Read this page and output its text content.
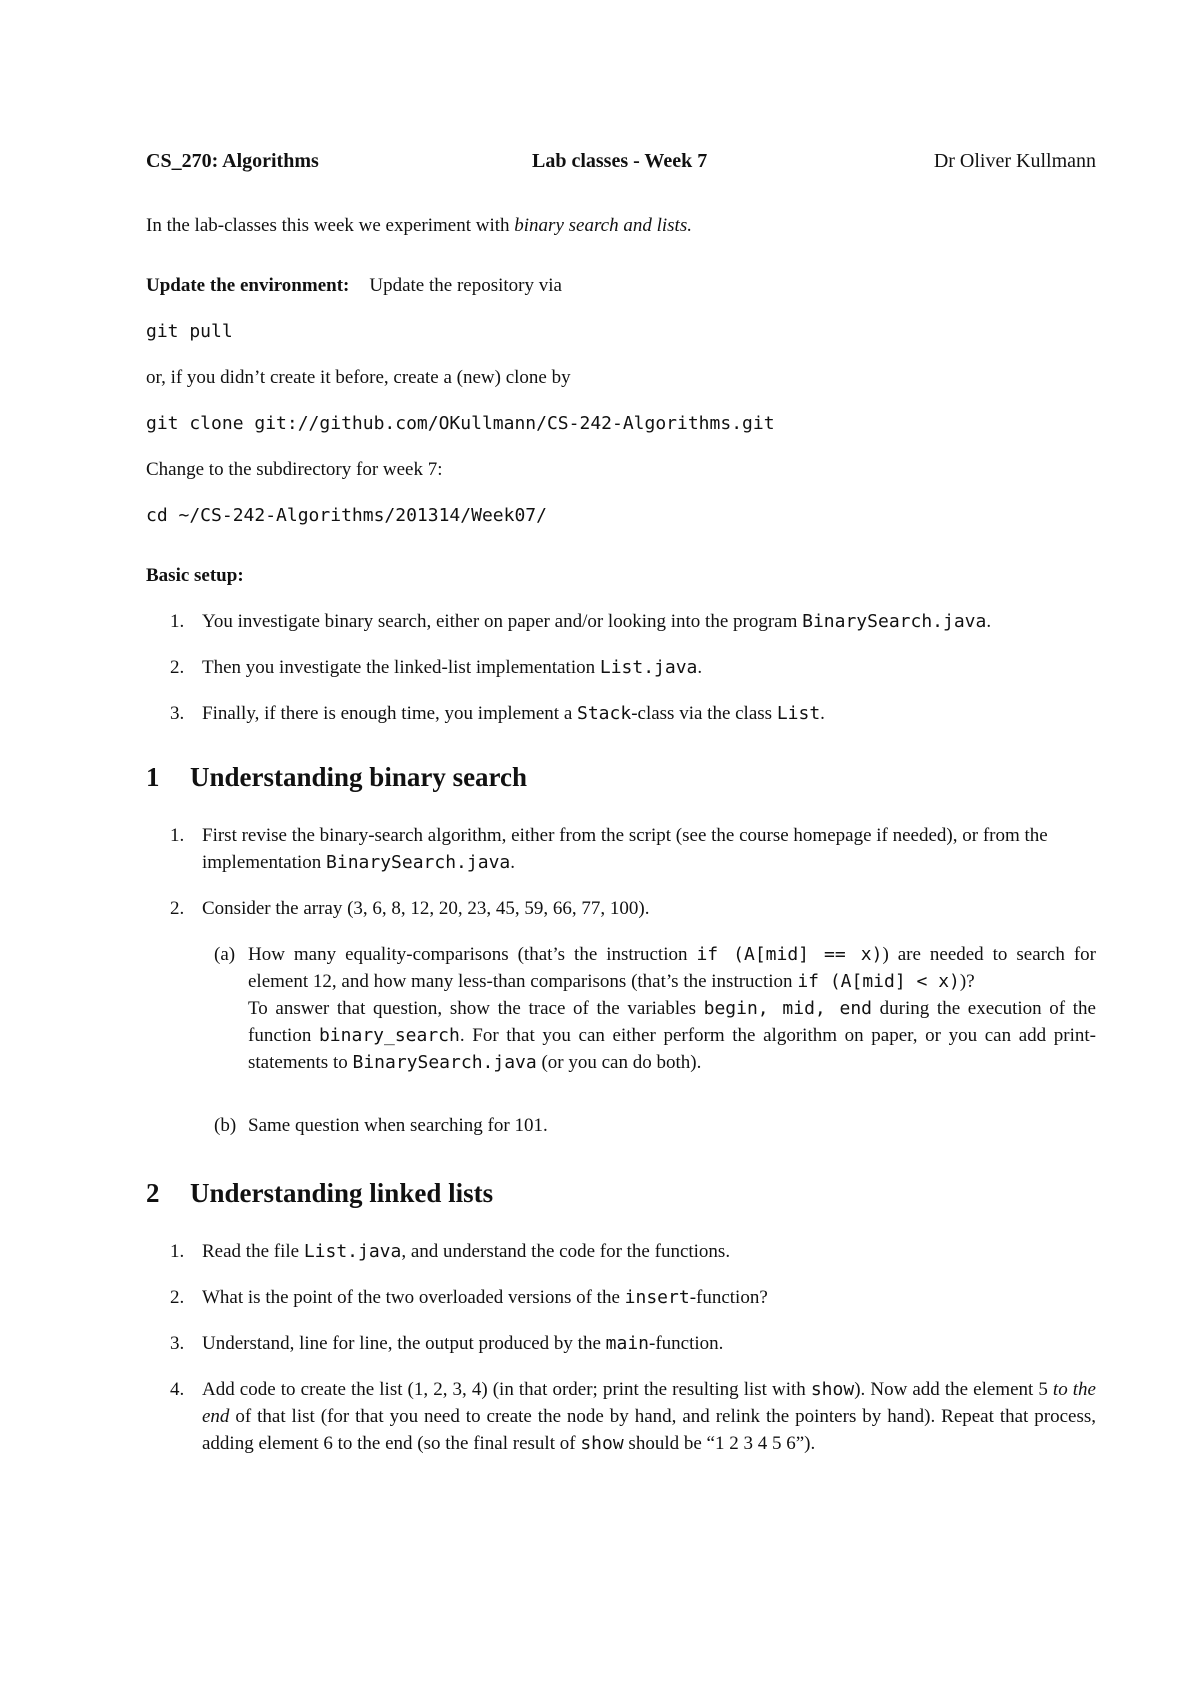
CS_270: Algorithms	Lab classes - Week 7	Dr Oliver Kullmann
In the lab-classes this week we experiment with binary search and lists.
Update the environment: Update the repository via
git pull
or, if you didn’t create it before, create a (new) clone by
git clone git://github.com/OKullmann/CS-242-Algorithms.git
Change to the subdirectory for week 7:
cd ~/CS-242-Algorithms/201314/Week07/
Basic setup:
1. You investigate binary search, either on paper and/or looking into the program BinarySearch.java.
2. Then you investigate the linked-list implementation List.java.
3. Finally, if there is enough time, you implement a Stack-class via the class List.
1 Understanding binary search
1. First revise the binary-search algorithm, either from the script (see the course homepage if needed), or from the implementation BinarySearch.java.
2. Consider the array (3, 6, 8, 12, 20, 23, 45, 59, 66, 77, 100).
(a) How many equality-comparisons (that’s the instruction if (A[mid] == x)) are needed to search for element 12, and how many less-than comparisons (that’s the instruction if (A[mid] < x))?
To answer that question, show the trace of the variables begin, mid, end during the execution of the function binary_search. For that you can either perform the algorithm on paper, or you can add print-statements to BinarySearch.java (or you can do both).
(b) Same question when searching for 101.
2 Understanding linked lists
1. Read the file List.java, and understand the code for the functions.
2. What is the point of the two overloaded versions of the insert-function?
3. Understand, line for line, the output produced by the main-function.
4. Add code to create the list (1, 2, 3, 4) (in that order; print the resulting list with show). Now add the element 5 to the end of that list (for that you need to create the node by hand, and relink the pointers by hand). Repeat that process, adding element 6 to the end (so the final result of show should be “1 2 3 4 5 6”).
